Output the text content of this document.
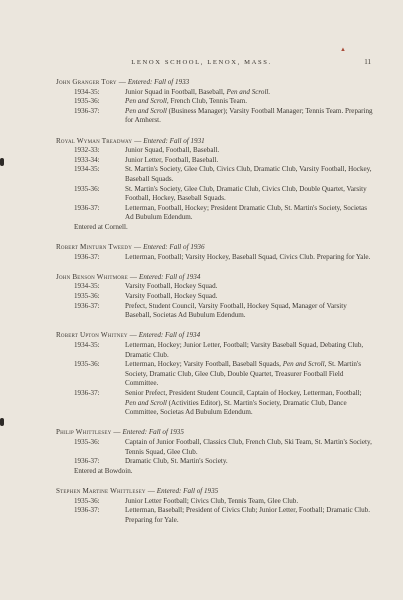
▲
LENOX SCHOOL, LENOX, MASS.	11
John Granger Tory — Entered: Fall of 1933
1934-35:	Junior Squad in Football, Baseball, Pen and Scroll.
1935-36:	Pen and Scroll, French Club, Tennis Team.
1936-37:	Pen and Scroll (Business Manager); Varsity Football Manager; Tennis Team. Preparing for Amherst.
Royal Wyman Treadway — Entered: Fall of 1931
1932-33:	Junior Squad, Football, Baseball.
1933-34:	Junior Letter, Football, Baseball.
1934-35:	St. Martin's Society, Glee Club, Civics Club, Dramatic Club, Varsity Football, Hockey, Baseball Squads.
1935-36:	St. Martin's Society, Glee Club, Dramatic Club, Civics Club, Double Quartet, Varsity Football, Hockey, Baseball Squads.
1936-37:	Letterman, Football, Hockey; President Dramatic Club, St. Martin's Society, Societas Ad Bubulum Edendum.
Entered at Cornell.
Robert Minturn Tweedy — Entered: Fall of 1936
1936-37:	Letterman, Football; Varsity Hockey, Baseball Squad, Civics Club. Preparing for Yale.
John Benson Whitmore — Entered: Fall of 1934
1934-35:	Varsity Football, Hockey Squad.
1935-36:	Varsity Football, Hockey Squad.
1936-37:	Prefect, Student Council, Varsity Football, Hockey Squad, Manager of Varsity Baseball, Societas Ad Bubulum Edendum.
Robert Upton Whitney — Entered: Fall of 1934
1934-35:	Letterman, Hockey; Junior Letter, Football; Varsity Baseball Squad, Debating Club, Dramatic Club.
1935-36:	Letterman, Hockey; Varsity Football, Baseball Squads, Pen and Scroll, St. Martin's Society, Dramatic Club, Glee Club, Double Quartet, Treasurer Football Field Committee.
1936-37:	Senior Prefect, President Student Council, Captain of Hockey, Letterman, Football; Pen and Scroll (Activities Editor), St. Martin's Society, Dramatic Club, Dance Committee, Societas Ad Bubulum Edendum.
Philip Whittlesey — Entered: Fall of 1935
1935-36:	Captain of Junior Football, Classics Club, French Club, Ski Team, St. Martin's Society, Tennis Squad, Glee Club.
1936-37:	Dramatic Club, St. Martin's Society.
Entered at Bowdoin.
Stephen Martine Whittlesey — Entered: Fall of 1935
1935-36:	Junior Letter Football; Civics Club, Tennis Team, Glee Club.
1936-37:	Letterman, Baseball; President of Civics Club; Junior Letter, Football; Dramatic Club. Preparing for Yale.
